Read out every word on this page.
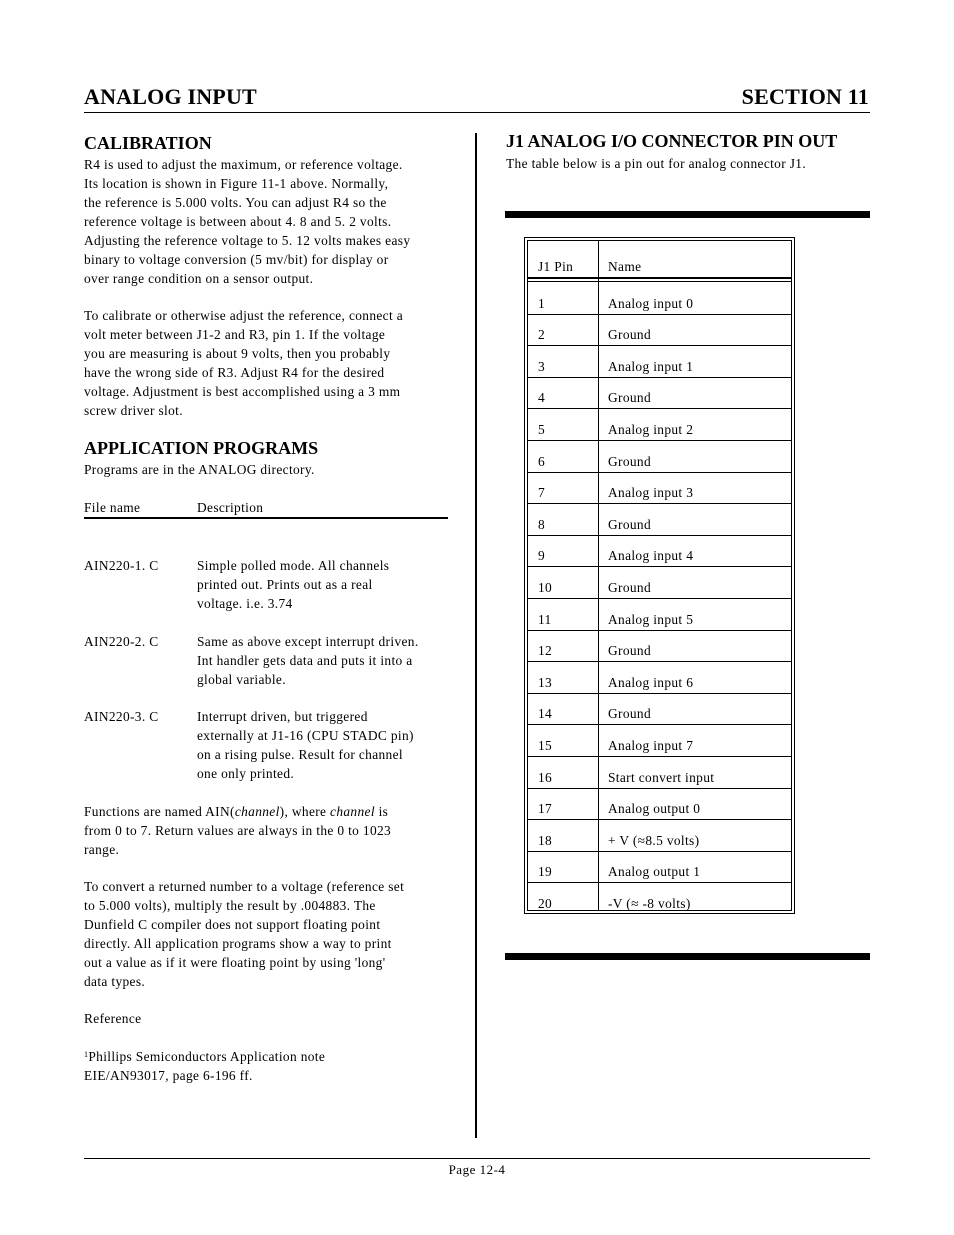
ANALOG INPUT	SECTION 11
CALIBRATION
R4 is used to adjust the maximum, or reference voltage.
Its location is shown in Figure 11-1 above. Normally,
the reference is 5.000 volts. You can adjust R4 so the
reference voltage is between about 4. 8 and 5. 2 volts.
Adjusting the reference voltage to 5. 12 volts makes easy
binary to voltage conversion (5 mv/bit) for display or
over range condition on a sensor output.
To calibrate or otherwise adjust the reference, connect a
volt meter between J1-2 and R3, pin 1. If the voltage
you are measuring is about 9 volts, then you probably
have the wrong side of R3. Adjust R4 for the desired
voltage. Adjustment is best accomplished using a 3 mm
screw driver slot.
APPLICATION PROGRAMS
Programs are in the ANALOG directory.

File name	Description

AIN220-1. C	Simple polled mode. All channels
printed out. Prints out as a real
voltage. i.e. 3.74

AIN220-2. C	Same as above except interrupt driven.
Int handler gets data and puts it into a
global variable.

AIN220-3. C	Interrupt driven, but triggered
externally at J1-16 (CPU STADC pin)
on a rising pulse. Result for channel
one only printed.

Functions are named AIN(channel), where channel is
from 0 to 7. Return values are always in the 0 to 1023
range.
To convert a returned number to a voltage (reference set
to 5.000 volts), multiply the result by .004883. The
Dunfield C compiler does not support floating point
directly. All application programs show a way to print
out a value as if it were floating point by using 'long'
data types.
Reference
$^1$Phillips Semiconductors Application note
EIE/AN93017, page 6-196 ff.
J1 ANALOG I/O CONNECTOR PIN OUT
The table below is a pin out for analog connector J1.

J1 Pin	Name

1	Analog input 0
2	Ground
3	Analog input 1
4	Ground
5	Analog input 2
6	Ground
7	Analog input 3
8	Ground
9	Analog input 4
10	Ground
11	Analog input 5
12	Ground
13	Analog input 6
14	Ground
15	Analog input 7
16	Start convert input
17	Analog output 0
18	+ V (≈8.5 volts)
19	Analog output 1
20	-V (≈ -8 volts)

Page 12-4
